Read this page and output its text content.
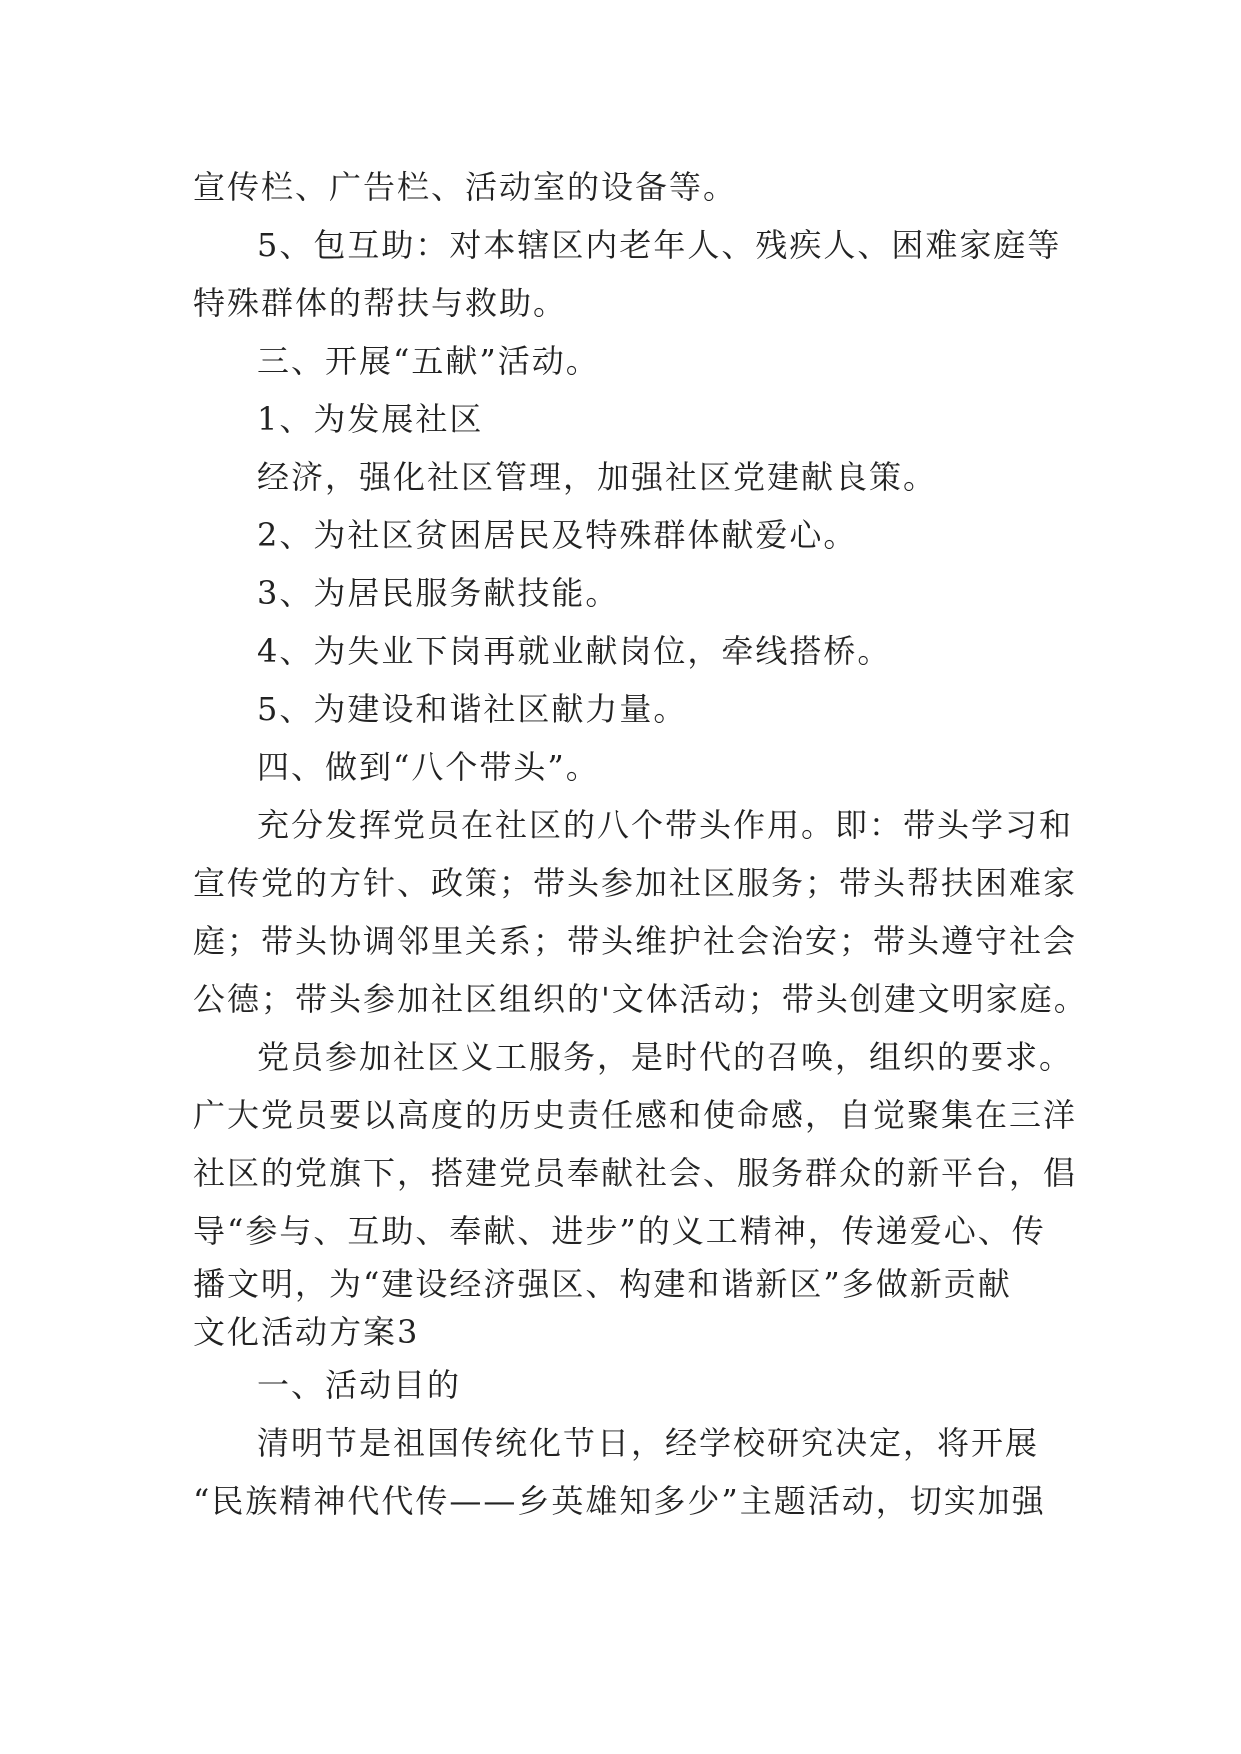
宣传栏、广告栏、活动室的设备等。
5、包互助：对本辖区内老年人、残疾人、困难家庭等
特殊群体的帮扶与救助。
三、开展“五献”活动。
1、为发展社区
经济，强化社区管理，加强社区党建献良策。
2、为社区贫困居民及特殊群体献爱心。
3、为居民服务献技能。
4、为失业下岗再就业献岗位，牵线搭桥。
5、为建设和谐社区献力量。
四、做到“八个带头”。
充分发挥党员在社区的八个带头作用。即：带头学习和
宣传党的方针、政策；带头参加社区服务；带头帮扶困难家
庭；带头协调邻里关系；带头维护社会治安；带头遵守社会
公德；带头参加社区组织的'文体活动；带头创建文明家庭。
党员参加社区义工服务，是时代的召唤，组织的要求。
广大党员要以高度的历史责任感和使命感，自觉聚集在三洋
社区的党旗下，搭建党员奉献社会、服务群众的新平台，倡
导“参与、互助、奉献、进步”的义工精神，传递爱心、传
播文明，为“建设经济强区、构建和谐新区”多做新贡献
文化活动方案3
一、活动目的
清明节是祖国传统化节日，经学校研究决定，将开展
“民族精神代代传——乡英雄知多少”主题活动，切实加强
